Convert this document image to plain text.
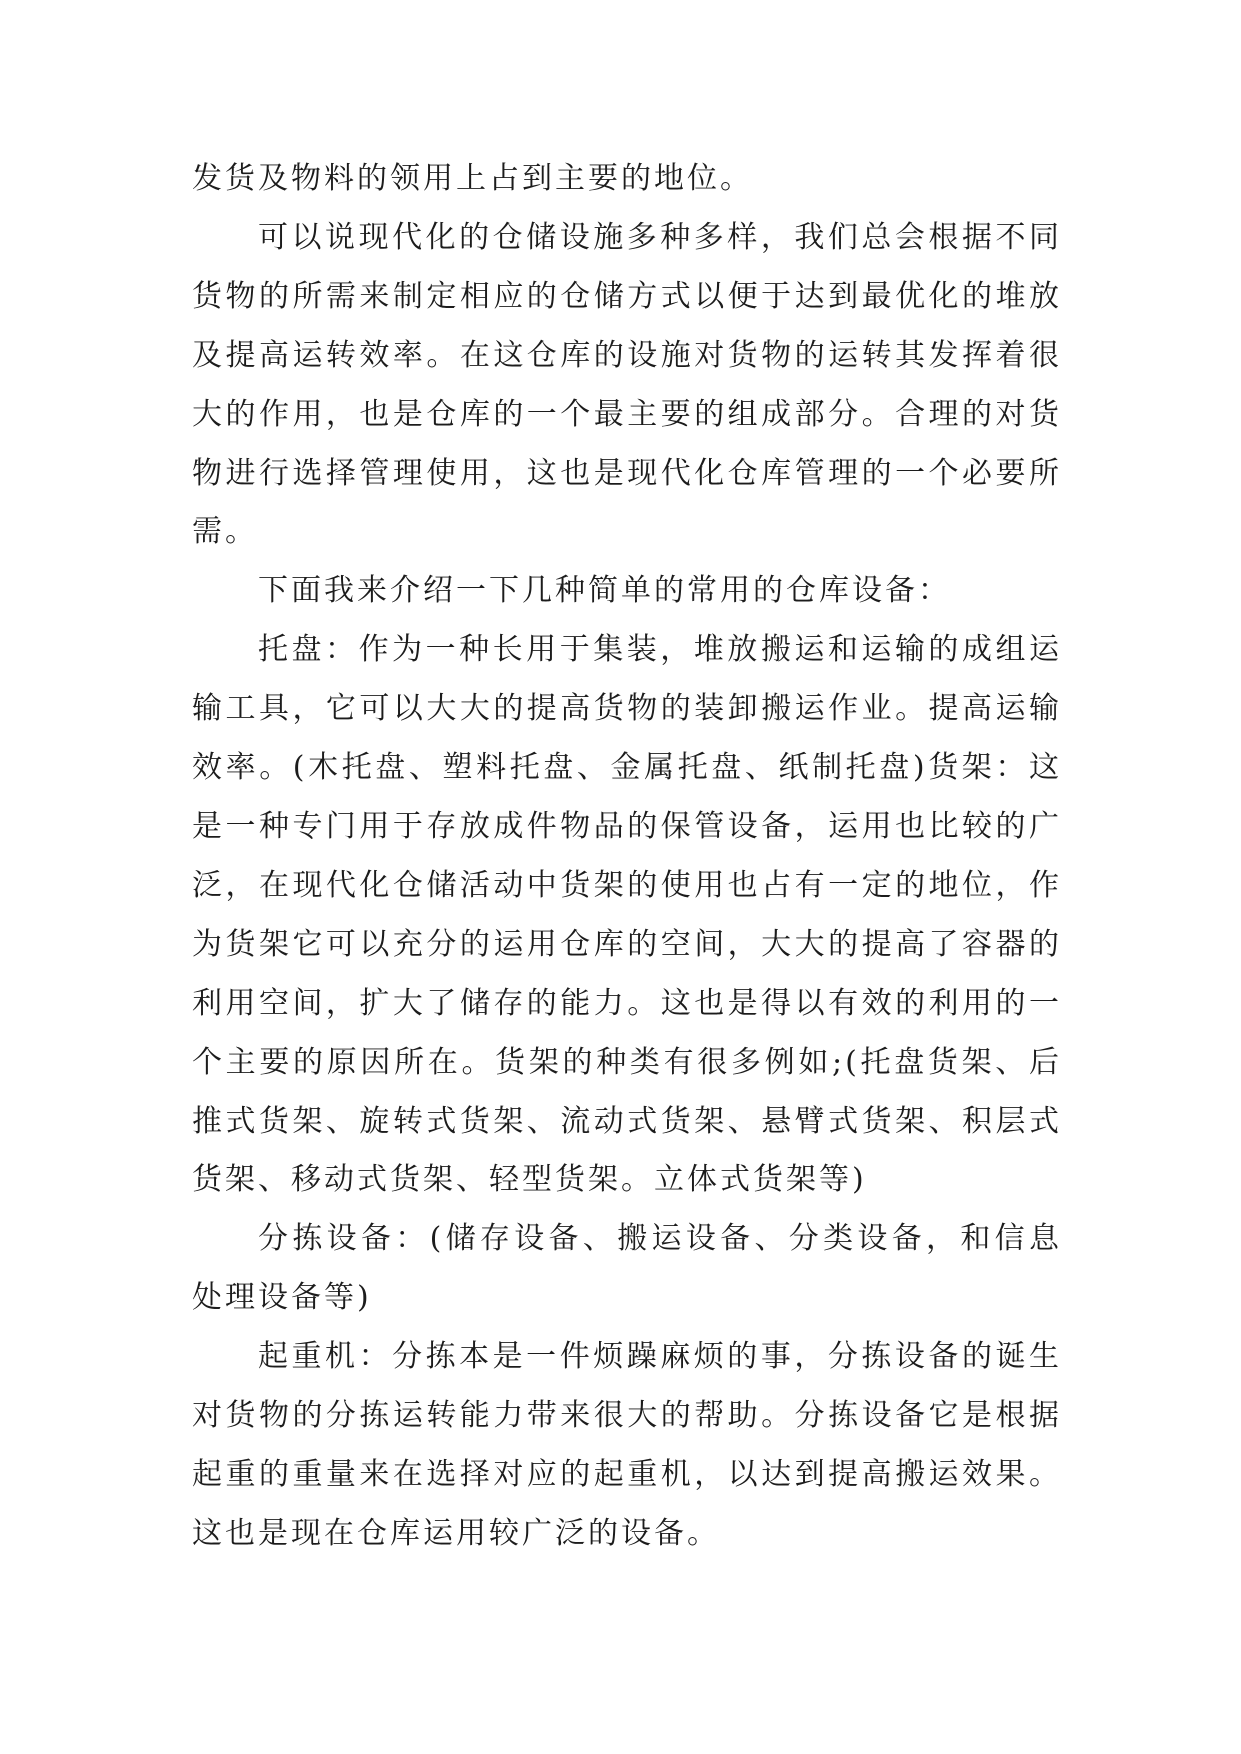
发货及物料的领用上占到主要的地位。

可以说现代化的仓储设施多种多样，我们总会根据不同货物的所需来制定相应的仓储方式以便于达到最优化的堆放及提高运转效率。在这仓库的设施对货物的运转其发挥着很大的作用，也是仓库的一个最主要的组成部分。合理的对货物进行选择管理使用，这也是现代化仓库管理的一个必要所需。

下面我来介绍一下几种简单的常用的仓库设备：

托盘：作为一种长用于集装，堆放搬运和运输的成组运输工具，它可以大大的提高货物的装卸搬运作业。提高运输效率。(木托盘、塑料托盘、金属托盘、纸制托盘)货架：这是一种专门用于存放成件物品的保管设备，运用也比较的广泛，在现代化仓储活动中货架的使用也占有一定的地位，作为货架它可以充分的运用仓库的空间，大大的提高了容器的利用空间，扩大了储存的能力。这也是得以有效的利用的一个主要的原因所在。货架的种类有很多例如;(托盘货架、后推式货架、旋转式货架、流动式货架、悬臂式货架、积层式货架、移动式货架、轻型货架。立体式货架等)

分拣设备：(储存设备、搬运设备、分类设备，和信息处理设备等)

起重机：分拣本是一件烦躁麻烦的事，分拣设备的诞生对货物的分拣运转能力带来很大的帮助。分拣设备它是根据起重的重量来在选择对应的起重机，以达到提高搬运效果。这也是现在仓库运用较广泛的设备。
